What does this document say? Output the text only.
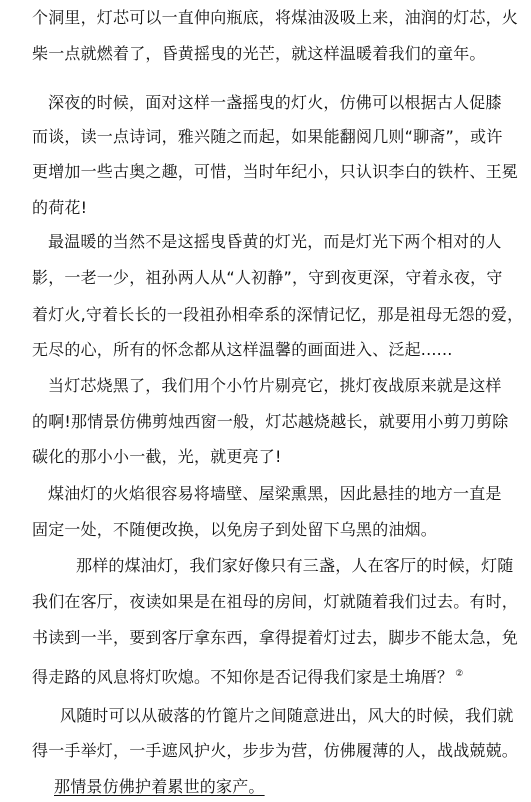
个洞里，灯芯可以一直伸向瓶底，将煤油汲吸上来，油润的灯芯，火
柴一点就燃着了，昏黄摇曳的光芒，就这样温暖着我们的童年。
深夜的时候，面对这样一盏摇曳的灯火，仿佛可以根据古人促膝
而谈，读一点诗词，雅兴随之而起，如果能翻阅几则“聊斋”，或许
更增加一些古奥之趣，可惜，当时年纪小，只认识李白的铁杵、王冕
的荷花!
最温暖的当然不是这摇曳昏黄的灯光，而是灯光下两个相对的人
影，一老一少，祖孙两人从“人初静”，守到夜更深，守着永夜，守
着灯火,守着长长的一段祖孙相牵系的深情记忆，那是祖母无怨的爱，
无尽的心，所有的怀念都从这样温馨的画面进入、泛起......
当灯芯烧黑了，我们用个小竹片剔亮它，挑灯夜战原来就是这样
的啊!那情景仿佛剪烛西窗一般，灯芯越烧越长，就要用小剪刀剪除
碳化的那小小一截，光，就更亮了!
煤油灯的火焰很容易将墙壁、屋梁熏黑，因此悬挂的地方一直是
固定一处，不随便改换，以免房子到处留下乌黑的油烟。
那样的煤油灯，我们家好像只有三盏，人在客厅的时候，灯随
我们在客厅，夜读如果是在祖母的房间，灯就随着我们过去。有时，
书读到一半，要到客厅拿东西，拿得提着灯过去，脚步不能太急，免
得走路的风息将灯吹熄。不知你是否记得我们家是土埆厝？ ②
风随时可以从破落的竹篦片之间随意进出，风大的时候，我们就
得一手举灯，一手遮风护火，步步为营，仿佛履薄的人，战战兢兢。
那情景仿佛护着累世的家产。
